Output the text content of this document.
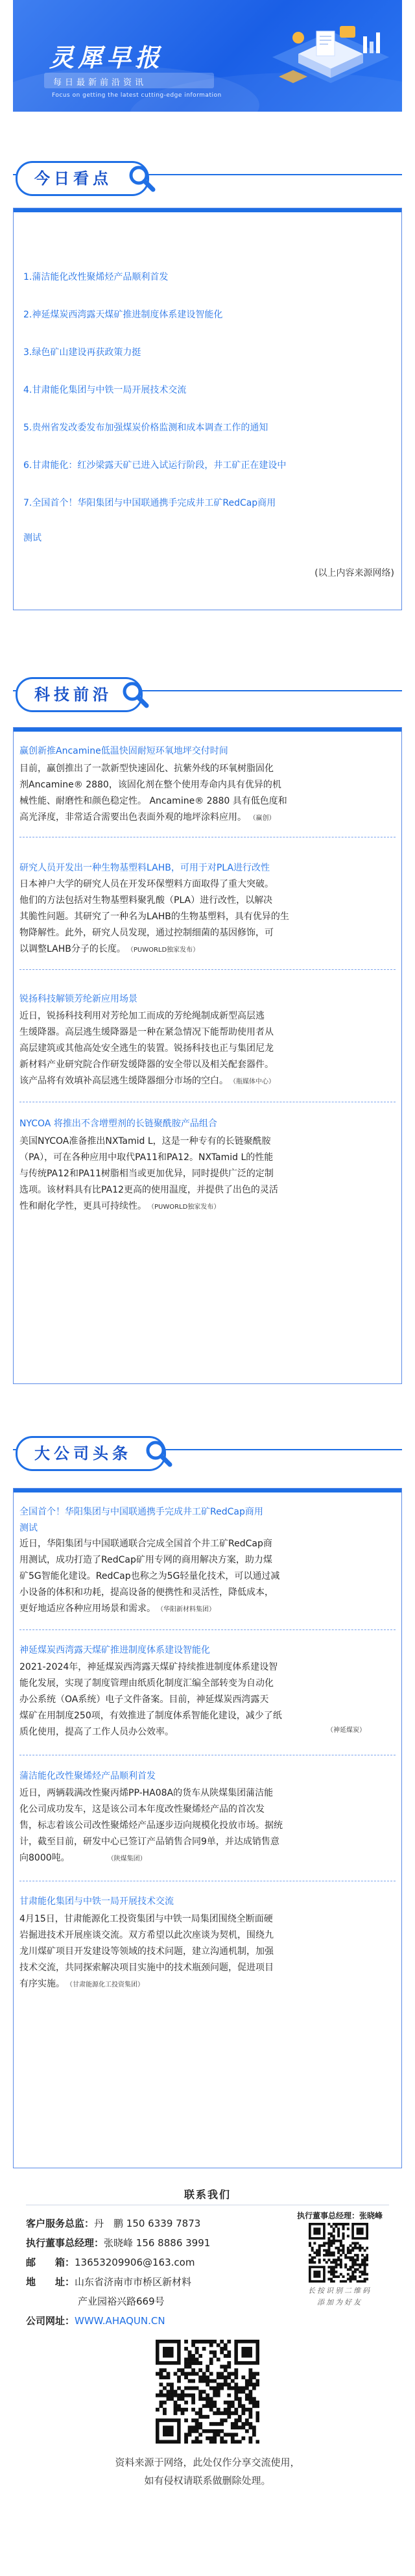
灵犀早报
每日最新前沿资讯
Focus on getting the latest cutting-edge information
今日看点
1.蒲洁能化改性聚烯烃产品顺利首发
2.神延煤炭西湾露天煤矿推进制度体系建设智能化
3.绿色矿山建设再获政策力挺
4.甘肃能化集团与中铁一局开展技术交流
5.贵州省发改委发布加强煤炭价格监测和成本调查工作的通知
6.甘肃能化：红沙梁露天矿已进入试运行阶段，井工矿正在建设中
7.全国首个！华阳集团与中国联通携手完成井工矿RedCap商用
测试
(以上内容来源网络)
科技前沿
赢创新推Ancamine低温快固耐短环氧地坪交付时间
目前，赢创推出了一款新型快速固化、抗紫外线的环氧树脂固化
剂Ancamine® 2880，该固化剂在整个使用寿命内具有优异的机
械性能、耐磨性和颜色稳定性。 Ancamine® 2880 具有低色度和
高光泽度，非常适合需要出色表面外观的地坪涂料应用。 （赢创）
研究人员开发出一种生物基塑料LAHB，可用于对PLA进行改性
日本神户大学的研究人员在开发环保塑料方面取得了重大突破。
他们的方法包括对生物基塑料聚乳酸（PLA）进行改性，以解决
其脆性问题。其研究了一种名为LAHB的生物基塑料，具有优异的生
物降解性。此外，研究人员发现，通过控制细菌的基因修饰，可
以调整LAHB分子的长度。　 （PUWORLD独家发布）
锐扬科技解锁芳纶新应用场景
近日，锐扬科技利用对芳纶加工而成的芳纶绳制成新型高层逃
生缓降器。高层逃生缓降器是一种在紧急情况下能帮助使用者从
高层建筑或其他高处安全逃生的装置。锐扬科技也正与集团尼龙
新材料产业研究院合作研发缓降器的安全带以及相关配套器件。
该产品将有效填补高层逃生缓降器细分市场的空白。　 （瓶媒体中心）
NYCOA 将推出不含增塑剂的长链聚酰胺产品组合
美国NYCOA准备推出NXTamid L，这是一种专有的长链聚酰胺
（PA），可在各种应用中取代PA11和PA12。NXTamid L的性能
与传统PA12和PA11树脂相当或更加优异，同时提供广泛的定制
选项。该材料具有比PA12更高的使用温度，并提供了出色的灵活
性和耐化学性，更具可持续性。　 （PUWORLD独家发布）
大公司头条
全国首个！华阳集团与中国联通携手完成井工矿RedCap商用
测试
近日，华阳集团与中国联通联合完成全国首个井工矿RedCap商
用测试，成功打造了RedCap矿用专网的商用解决方案，助力煤
矿5G智能化建设。RedCap也称之为5G轻量化技术，可以通过减
小设备的体积和功耗，提高设备的便携性和灵活性，降低成本，
更好地适应各种应用场景和需求。　 （华阳新材料集团）
神延煤炭西湾露天煤矿推进制度体系建设智能化
2021-2024年，神延煤炭西湾露天煤矿持续推进制度体系建设智
能化发展，实现了制度管理由纸质化制度汇编全部转变为自动化
办公系统（OA系统）电子文件备案。目前，神延煤炭西湾露天
煤矿在用制度250项，有效推进了制度体系智能化建设，减少了纸
质化使用，提高了工作人员办公效率。	（神延煤炭）
蒲洁能化改性聚烯烃产品顺利首发
近日，两辆载满改性聚丙烯PP-HA08A的货车从陕煤集团蒲洁能
化公司成功发车，这是该公司本年度改性聚烯烃产品的首次发
售，标志着该公司改性聚烯烃产品逐步迈向规模化投放市场。据统
计，截至目前，研发中心已签订产品销售合同9单，并达成销售意
向8000吨。　　　　　	（陕煤集团）
甘肃能化集团与中铁一局开展技术交流
4月15日，甘肃能源化工投资集团与中铁一局集团围绕全断面硬
岩掘进技术开展座谈交流。双方希望以此次座谈为契机，围绕九
龙川煤矿项目开发建设等领域的技术问题，建立沟通机制，加强
技术交流，共同探索解决项目实施中的技术瓶颈问题，促进项目
有序实施。　 （甘肃能源化工投资集团）
联系我们
客户服务总监：丹　鹏 150 6339 7873
执行董事总经理：张晓峰 156 8886 3991
邮　　箱：13653209906@163.com
地　　址：山东省济南市市桥区新材料
产业园裕兴路669号
公司网址：WWW.AHAQUN.CN
执行董事总经理：张晓峰
长按识别二维码
添加为好友
资料来源于网络，此处仅作分享交流使用，
如有侵权请联系做删除处理。
